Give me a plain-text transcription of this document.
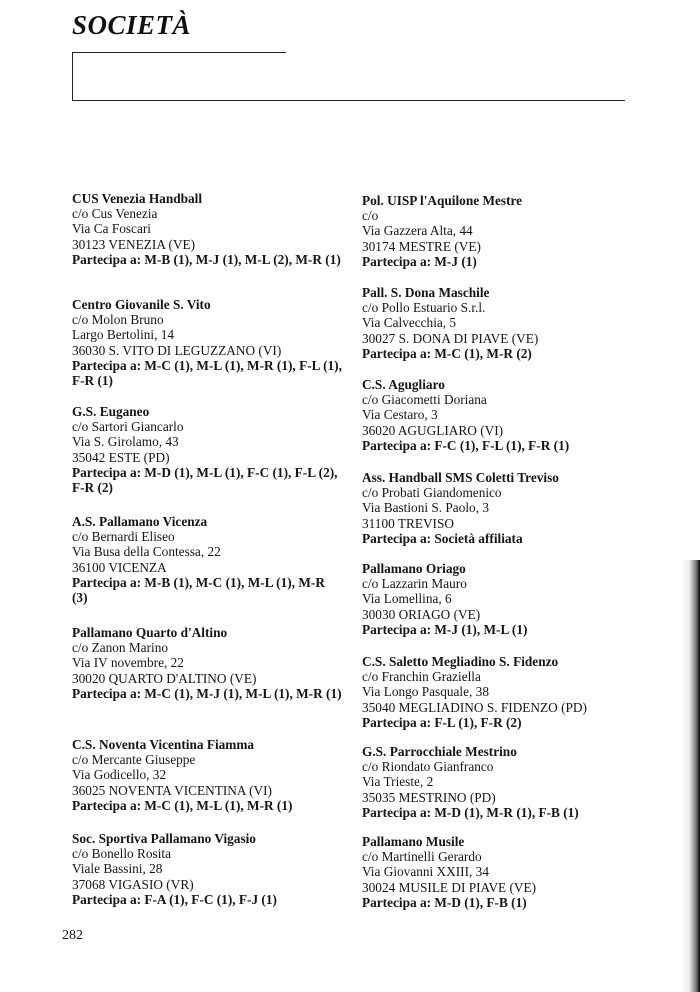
SOCIETÀ
CUS Venezia Handball
c/o Cus Venezia
Via Ca Foscari
30123 VENEZIA (VE)
Partecipa a: M-B (1), M-J (1), M-L (2), M-R (1)
Centro Giovanile S. Vito
c/o Molon Bruno
Largo Bertolini, 14
36030 S. VITO DI LEGUZZANO (VI)
Partecipa a: M-C (1), M-L (1), M-R (1), F-L (1), F-R (1)
G.S. Euganeo
c/o Sartori Giancarlo
Via S. Girolamo, 43
35042 ESTE (PD)
Partecipa a: M-D (1), M-L (1), F-C (1), F-L (2), F-R (2)
A.S. Pallamano Vicenza
c/o Bernardi Eliseo
Via Busa della Contessa, 22
36100 VICENZA
Partecipa a: M-B (1), M-C (1), M-L (1), M-R (3)
Pallamano Quarto d'Altino
c/o Zanon Marino
Via IV novembre, 22
30020 QUARTO D'ALTINO (VE)
Partecipa a: M-C (1), M-J (1), M-L (1), M-R (1)
C.S. Noventa Vicentina Fiamma
c/o Mercante Giuseppe
Via Godicello, 32
36025 NOVENTA VICENTINA (VI)
Partecipa a: M-C (1), M-L (1), M-R (1)
Soc. Sportiva Pallamano Vigasio
c/o Bonello Rosita
Viale Bassini, 28
37068 VIGASIO (VR)
Partecipa a: F-A (1), F-C (1), F-J (1)
Pol. UISP l'Aquilone Mestre
c/o
Via Gazzera Alta, 44
30174 MESTRE (VE)
Partecipa a: M-J (1)
Pall. S. Dona Maschile
c/o Pollo Estuario S.r.l.
Via Calvecchia, 5
30027 S. DONA DI PIAVE (VE)
Partecipa a: M-C (1), M-R (2)
C.S. Agugliaro
c/o Giacometti Doriana
Via Cestaro, 3
36020 AGUGLIARO (VI)
Partecipa a: F-C (1), F-L (1), F-R (1)
Ass. Handball SMS Coletti Treviso
c/o Probati Giandomenico
Via Bastioni S. Paolo, 3
31100 TREVISO
Partecipa a: Società affiliata
Pallamano Oriago
c/o Lazzarin Mauro
Via Lomellina, 6
30030 ORIAGO (VE)
Partecipa a: M-J (1), M-L (1)
C.S. Saletto Megliadino S. Fidenzo
c/o Franchin Graziella
Via Longo Pasquale, 38
35040 MEGLIADINO S. FIDENZO (PD)
Partecipa a: F-L (1), F-R (2)
G.S. Parrocchiale Mestrino
c/o Riondato Gianfranco
Via Trieste, 2
35035 MESTRINO (PD)
Partecipa a: M-D (1), M-R (1), F-B (1)
Pallamano Musile
c/o Martinelli Gerardo
Via Giovanni XXIII, 34
30024 MUSILE DI PIAVE (VE)
Partecipa a: M-D (1), F-B (1)
282
